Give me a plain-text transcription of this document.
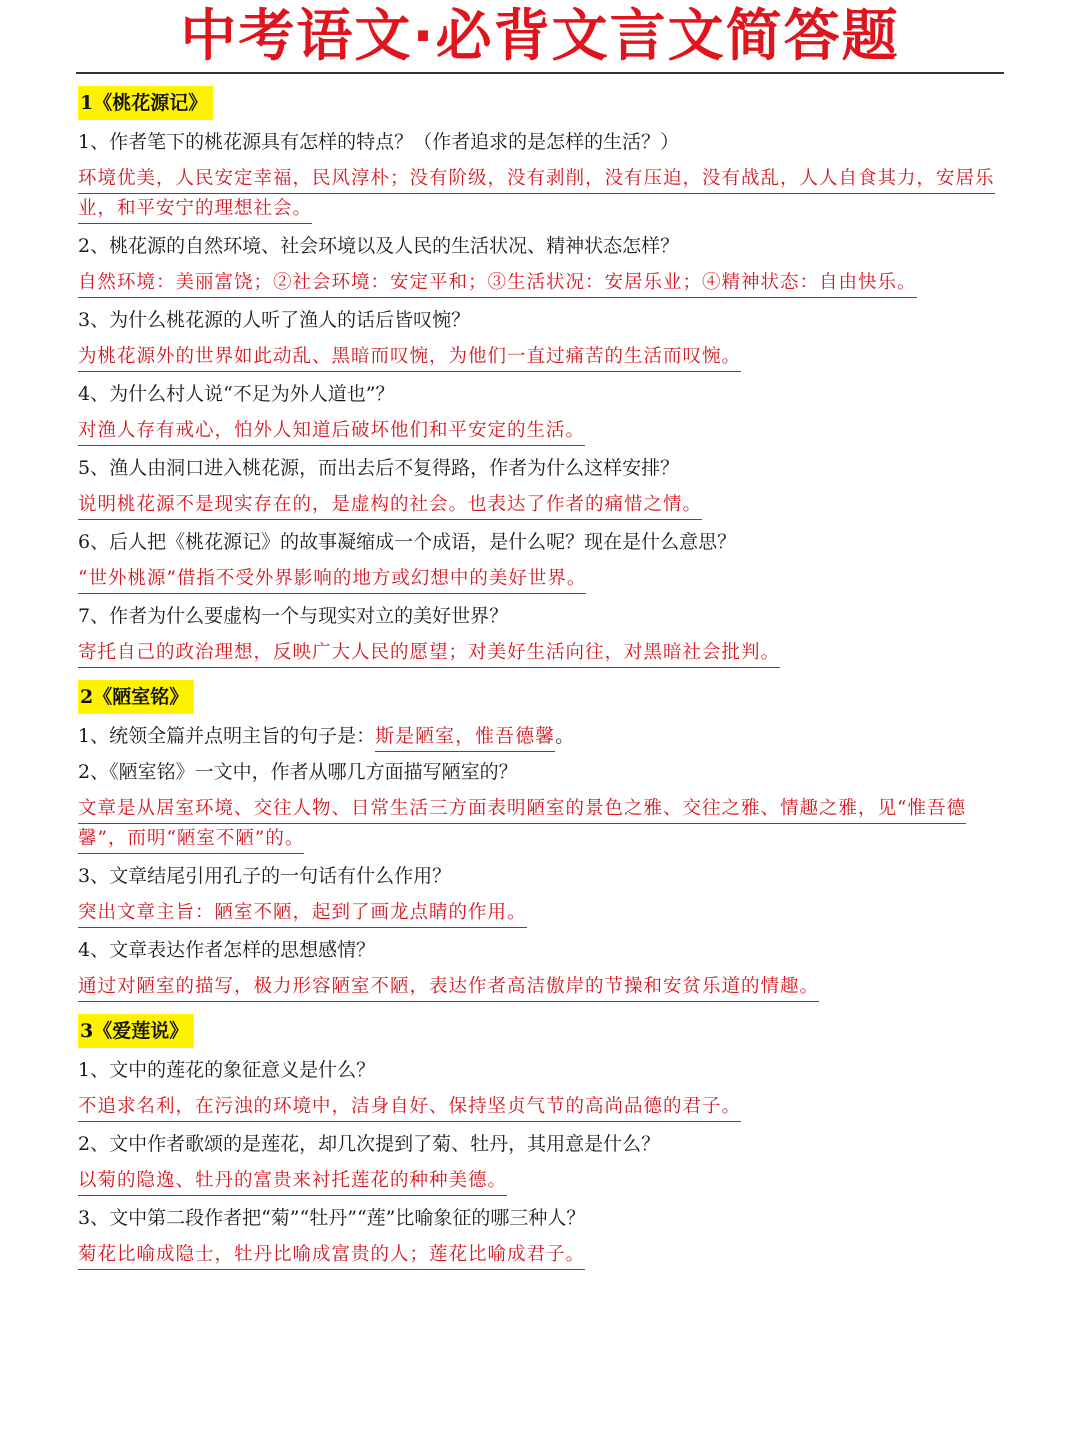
中考语文·必背文言文简答题
1《桃花源记》
1、作者笔下的桃花源具有怎样的特点？（作者追求的是怎样的生活？）
环境优美，人民安定幸福，民风淳朴；没有阶级，没有剥削，没有压迫，没有战乱，人人自食其力，安居乐业，和平安宁的理想社会。
2、桃花源的自然环境、社会环境以及人民的生活状况、精神状态怎样？
自然环境：美丽富饶；②社会环境：安定平和；③生活状况：安居乐业；④精神状态：自由快乐。
3、为什么桃花源的人听了渔人的话后皆叹惋？
为桃花源外的世界如此动乱、黑暗而叹惋，为他们一直过痛苦的生活而叹惋。
4、为什么村人说“不足为外人道也”？
对渔人存有戒心，怕外人知道后破坏他们和平安定的生活。
5、渔人由洞口进入桃花源，而出去后不复得路，作者为什么这样安排？
说明桃花源不是现实存在的，是虚构的社会。也表达了作者的痛惜之情。
6、后人把《桃花源记》的故事凝缩成一个成语，是什么呢？现在是什么意思？
“世外桃源”借指不受外界影响的地方或幻想中的美好世界。
7、作者为什么要虚构一个与现实对立的美好世界？
寄托自己的政治理想，反映广大人民的愿望；对美好生活向往，对黑暗社会批判。
2《陋室铭》
1、统领全篇并点明主旨的句子是：斯是陋室，惟吾德馨。
2、《陋室铭》一文中，作者从哪几方面描写陋室的？
文章是从居室环境、交往人物、日常生活三方面表明陋室的景色之雅、交往之雅、情趣之雅，见“惟吾德馨”，而明“陋室不陋”的。
3、文章结尾引用孔子的一句话有什么作用？
突出文章主旨：陋室不陋，起到了画龙点睛的作用。
4、文章表达作者怎样的思想感情？
通过对陋室的描写，极力形容陋室不陋，表达作者高洁傲岸的节操和安贫乐道的情趣。
3《爱莲说》
1、文中的莲花的象征意义是什么？
不追求名利，在污浊的环境中，洁身自好、保持坚贞气节的高尚品德的君子。
2、文中作者歌颂的是莲花，却几次提到了菊、牡丹，其用意是什么？
以菊的隐逸、牡丹的富贵来衬托莲花的种种美德。
3、文中第二段作者把“菊”“牡丹”“莲”比喻象征的哪三种人？
菊花比喻成隐士，牡丹比喻成富贵的人；莲花比喻成君子。
